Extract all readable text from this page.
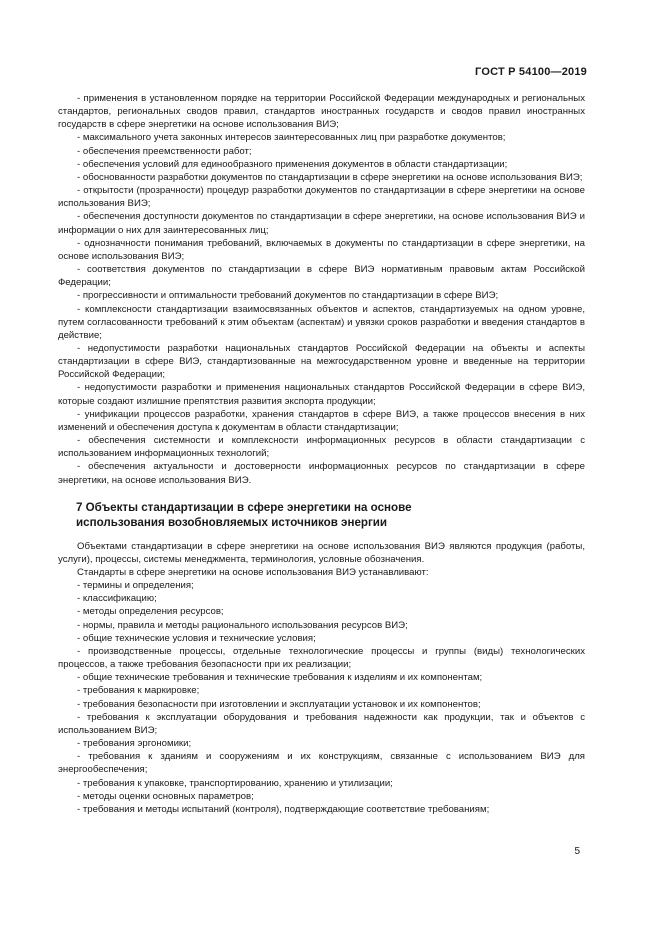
ГОСТ Р 54100—2019

- применения в установленном порядке на территории Российской Федерации международных и региональных стандартов, региональных сводов правил, стандартов иностранных государств и сводов правил иностранных государств в сфере энергетики на основе использования ВИЭ;

- максимального учета законных интересов заинтересованных лиц при разработке документов;

- обеспечения преемственности работ;

- обеспечения условий для единообразного применения документов в области стандартизации;

- обоснованности разработки документов по стандартизации в сфере энергетики на основе использования ВИЭ;

- открытости (прозрачности) процедур разработки документов по стандартизации в сфере энергетики на основе использования ВИЭ;

- обеспечения доступности документов по стандартизации в сфере энергетики, на основе использования ВИЭ и информации о них для заинтересованных лиц;

- однозначности понимания требований, включаемых в документы по стандартизации в сфере энергетики, на основе использования ВИЭ;

- соответствия документов по стандартизации в сфере ВИЭ нормативным правовым актам Российской Федерации;

- прогрессивности и оптимальности требований документов по стандартизации в сфере ВИЭ;

- комплексности стандартизации взаимосвязанных объектов и аспектов, стандартизуемых на одном уровне, путем согласованности требований к этим объектам (аспектам) и увязки сроков разработки и введения стандартов в действие;

- недопустимости разработки национальных стандартов Российской Федерации на объекты и аспекты стандартизации в сфере ВИЭ, стандартизованные на межгосударственном уровне и введенные на территории Российской Федерации;

- недопустимости разработки и применения национальных стандартов Российской Федерации в сфере ВИЭ, которые создают излишние препятствия развития экспорта продукции;

- унификации процессов разработки, хранения стандартов в сфере ВИЭ, а также процессов внесения в них изменений и обеспечения доступа к документам в области стандартизации;

- обеспечения системности и комплексности информационных ресурсов в области стандартизации с использованием информационных технологий;

- обеспечения актуальности и достоверности информационных ресурсов по стандартизации в сфере энергетики, на основе использования ВИЭ.

7 Объекты стандартизации в сфере энергетики на основе
использования возобновляемых источников энергии

Объектами стандартизации в сфере энергетики на основе использования ВИЭ являются продукция (работы, услуги), процессы, системы менеджмента, терминология, условные обозначения.

Стандарты в сфере энергетики на основе использования ВИЭ устанавливают:

- термины и определения;

- классификацию;

- методы определения ресурсов;

- нормы, правила и методы рационального использования ресурсов ВИЭ;

- общие технические условия и технические условия;

- производственные процессы, отдельные технологические процессы и группы (виды) технологических процессов, а также требования безопасности при их реализации;

- общие технические требования и технические требования к изделиям и их компонентам;

- требования к маркировке;

- требования безопасности при изготовлении и эксплуатации установок и их компонентов;

- требования к эксплуатации оборудования и требования надежности как продукции, так и объектов с использованием ВИЭ;

- требования эргономики;

- требования к зданиям и сооружениям и их конструкциям, связанные с использованием ВИЭ для энергообеспечения;

- требования к упаковке, транспортированию, хранению и утилизации;

- методы оценки основных параметров;

- требования и методы испытаний (контроля), подтверждающие соответствие требованиям;

5
